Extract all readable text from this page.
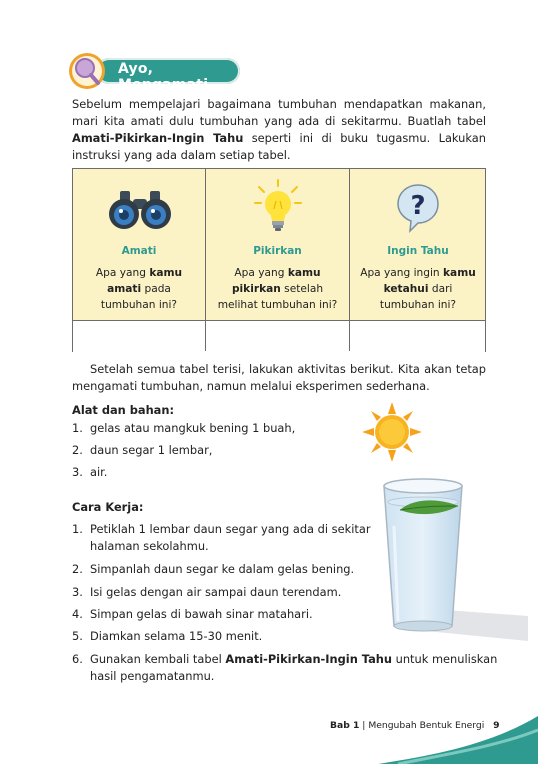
Ayo, Mengamati
Sebelum mempelajari bagaimana tumbuhan mendapatkan makanan, mari kita amati dulu tumbuhan yang ada di sekitarmu. Buatlah tabel Amati-Pikirkan-Ingin Tahu seperti ini di buku tugasmu. Lakukan instruksi yang ada dalam setiap tabel.
Amati
Apa yang kamu amati pada tumbuhan ini?
Pikirkan
Apa yang kamu pikirkan setelah melihat tumbuhan ini?
?
Ingin Tahu
Apa yang ingin kamu ketahui dari tumbuhan ini?
Setelah semua tabel terisi, lakukan aktivitas berikut. Kita akan tetap mengamati tumbuhan, namun melalui eksperimen sederhana.
Alat dan bahan:
1. gelas atau mangkuk bening 1 buah,
2. daun segar 1 lembar,
3. air.
Cara Kerja:
1. Petiklah 1 lembar daun segar yang ada di sekitar
halaman sekolahmu.
2. Simpanlah daun segar ke dalam gelas bening.
3. Isi gelas dengan air sampai daun terendam.
4. Simpan gelas di bawah sinar matahari.
5. Diamkan selama 15-30 menit.
6. Gunakan kembali tabel Amati-Pikirkan-Ingin Tahu untuk menuliskan
hasil pengamatanmu.
Bab 1 | Mengubah Bentuk Energi 9
